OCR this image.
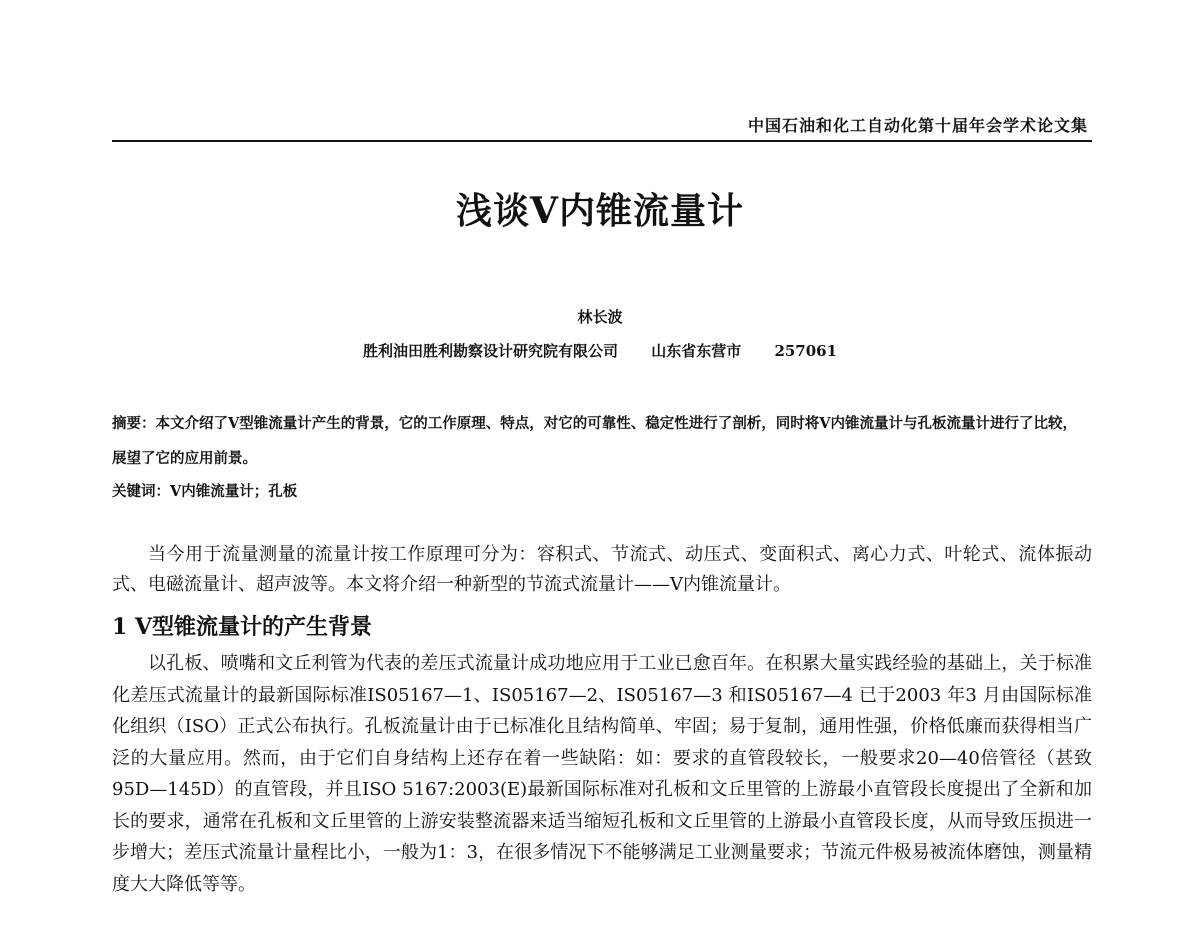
中国石油和化工自动化第十届年会学术论文集
浅谈V内锥流量计
林长波
胜利油田胜利勘察设计研究院有限公司 山东省东营市 257061
摘要：本文介绍了V型锥流量计产生的背景，它的工作原理、特点，对它的可靠性、稳定性进行了剖析，同时将V内锥流量计与孔板流量计进行了比较，展望了它的应用前景。
关键词：V内锥流量计；孔板

当今用于流量测量的流量计按工作原理可分为：容积式、节流式、动压式、变面积式、离心力式、叶轮式、流体振动式、电磁流量计、超声波等。本文将介绍一种新型的节流式流量计——V内锥流量计。

1 V型锥流量计的产生背景

以孔板、喷嘴和文丘利管为代表的差压式流量计成功地应用于工业已愈百年。在积累大量实践经验的基础上，关于标准化差压式流量计的最新国际标准IS05167—1、IS05167—2、IS05167—3 和IS05167—4 已于2003 年3 月由国际标准化组织（ISO）正式公布执行。孔板流量计由于已标准化且结构简单、牢固；易于复制，通用性强，价格低廉而获得相当广泛的大量应用。然而，由于它们自身结构上还存在着一些缺陷：如：要求的直管段较长，一般要求20—40倍管径（甚致95D—145D）的直管段，并且ISO 5167:2003(E)最新国际标准对孔板和文丘里管的上游最小直管段长度提出了全新和加长的要求，通常在孔板和文丘里管的上游安装整流器来适当缩短孔板和文丘里管的上游最小直管段长度，从而导致压损进一步增大；差压式流量计量程比小，一般为1：3，在很多情况下不能够满足工业测量要求；节流元件极易被流体磨蚀，测量精度大大降低等等。
